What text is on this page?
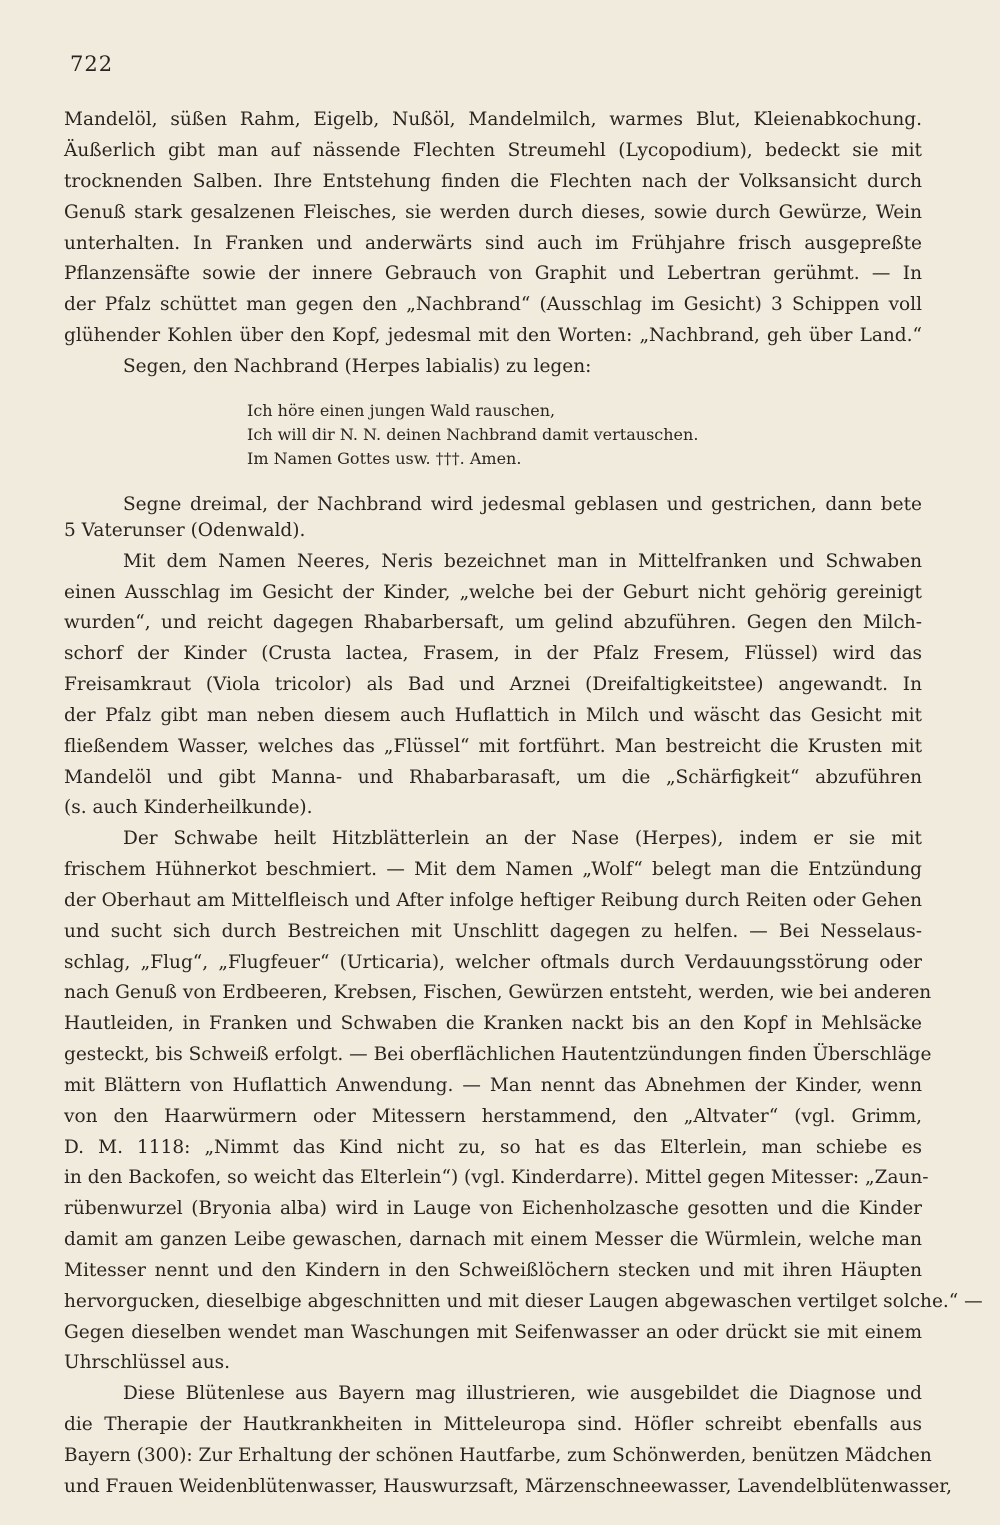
722
Mandelöl, süßen Rahm, Eigelb, Nußöl, Mandelmilch, warmes Blut, Kleienabkochung.
Äußerlich gibt man auf nässende Flechten Streumehl (Lycopodium), bedeckt sie mit
trocknenden Salben. Ihre Entstehung finden die Flechten nach der Volksansicht durch
Genuß stark gesalzenen Fleisches, sie werden durch dieses, sowie durch Gewürze, Wein
unterhalten. In Franken und anderwärts sind auch im Frühjahre frisch ausgepreßte
Pflanzensäfte sowie der innere Gebrauch von Graphit und Lebertran gerühmt. — In
der Pfalz schüttet man gegen den „Nachbrand“ (Ausschlag im Gesicht) 3 Schippen voll
glühender Kohlen über den Kopf, jedesmal mit den Worten: „Nachbrand, geh über Land.“
Segen, den Nachbrand (Herpes labialis) zu legen:
Ich höre einen jungen Wald rauschen,
Ich will dir N. N. deinen Nachbrand damit vertauschen.
Im Namen Gottes usw. †††. Amen.
Segne dreimal, der Nachbrand wird jedesmal geblasen und gestrichen, dann bete
5 Vaterunser (Odenwald).
Mit dem Namen Neeres, Neris bezeichnet man in Mittelfranken und Schwaben
einen Ausschlag im Gesicht der Kinder, „welche bei der Geburt nicht gehörig gereinigt
wurden“, und reicht dagegen Rhabarbersaft, um gelind abzuführen. Gegen den Milch-
schorf der Kinder (Crusta lactea, Frasem, in der Pfalz Fresem, Flüssel) wird das
Freisamkraut (Viola tricolor) als Bad und Arznei (Dreifaltigkeitstee) angewandt. In
der Pfalz gibt man neben diesem auch Huflattich in Milch und wäscht das Gesicht mit
fließendem Wasser, welches das „Flüssel“ mit fortführt. Man bestreicht die Krusten mit
Mandelöl und gibt Manna- und Rhabarbarasaft, um die „Schärfigkeit“ abzuführen
(s. auch Kinderheilkunde).
Der Schwabe heilt Hitzblätterlein an der Nase (Herpes), indem er sie mit
frischem Hühnerkot beschmiert. — Mit dem Namen „Wolf“ belegt man die Entzündung
der Oberhaut am Mittelfleisch und After infolge heftiger Reibung durch Reiten oder Gehen
und sucht sich durch Bestreichen mit Unschlitt dagegen zu helfen. — Bei Nesselaus-
schlag, „Flug“, „Flugfeuer“ (Urticaria), welcher oftmals durch Verdauungsstörung oder
nach Genuß von Erdbeeren, Krebsen, Fischen, Gewürzen entsteht, werden, wie bei anderen
Hautleiden, in Franken und Schwaben die Kranken nackt bis an den Kopf in Mehlsäcke
gesteckt, bis Schweiß erfolgt. — Bei oberflächlichen Hautentzündungen finden Überschläge
mit Blättern von Huflattich Anwendung. — Man nennt das Abnehmen der Kinder, wenn
von den Haarwürmern oder Mitessern herstammend, den „Altvater“ (vgl. Grimm,
D. M. 1118: „Nimmt das Kind nicht zu, so hat es das Elterlein, man schiebe es
in den Backofen, so weicht das Elterlein“) (vgl. Kinderdarre). Mittel gegen Mitesser: „Zaun-
rübenwurzel (Bryonia alba) wird in Lauge von Eichenholzasche gesotten und die Kinder
damit am ganzen Leibe gewaschen, darnach mit einem Messer die Würmlein, welche man
Mitesser nennt und den Kindern in den Schweißlöchern stecken und mit ihren Häupten
hervorgucken, dieselbige abgeschnitten und mit dieser Laugen abgewaschen vertilget solche.“ —
Gegen dieselben wendet man Waschungen mit Seifenwasser an oder drückt sie mit einem
Uhrschlüssel aus.
Diese Blütenlese aus Bayern mag illustrieren, wie ausgebildet die Diagnose und
die Therapie der Hautkrankheiten in Mitteleuropa sind. Höfler schreibt ebenfalls aus
Bayern (300): Zur Erhaltung der schönen Hautfarbe, zum Schönwerden, benützen Mädchen
und Frauen Weidenblütenwasser, Hauswurzsaft, Märzenschneewasser, Lavendelblütenwasser,
